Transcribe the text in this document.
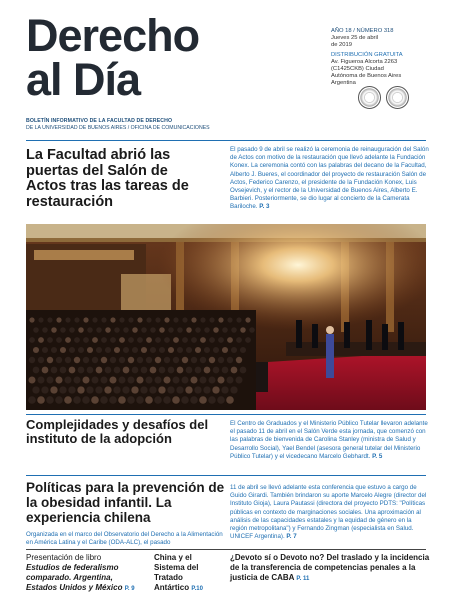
Derecho
al Día
BOLETÍN INFORMATIVO DE LA FACULTAD DE DERECHO
DE LA UNIVERSIDAD DE BUENOS AIRES / OFICINA DE COMUNICACIONES
AÑO 18 / NÚMERO 318
Jueves 25 de abril
de 2019
DISTRIBUCIÓN GRATUITA
Av. Figueroa Alcorta 2263
(C1425CKB) Ciudad
Autónoma de Buenos Aires
Argentina
La Facultad abrió las puertas del Salón de Actos tras las tareas de restauración
El pasado 9 de abril se realizó la ceremonia de reinauguración del Salón de Actos con motivo de la restauración que llevó adelante la Fundación Konex. La ceremonia contó con las palabras del decano de la Facultad, Alberto J. Bueres, el coordinador del proyecto de restauración Salón de Actos, Federico Carenzo, el presidente de la Fundación Konex, Luis Ovsejevich, y el rector de la Universidad de Buenos Aires, Alberto E. Barbieri. Posteriormente, se dio lugar al concierto de la Camerata Bariloche. P. 3
Complejidades y desafíos del instituto de la adopción
El Centro de Graduados y el Ministerio Público Tutelar llevaron adelante el pasado 11 de abril en el Salón Verde esta jornada, que comenzó con las palabras de bienvenida de Carolina Stanley (ministra de Salud y Desarrollo Social), Yael Bendel (asesora general tutelar del Ministerio Público Tutelar) y el vicedecano Marcelo Gebhardt. P. 5
Políticas para la prevención de la obesidad infantil. La experiencia chilena
Organizada en el marco del Observatorio del Derecho a la Alimentación en América Latina y el Caribe (ODA-ALC), el pasado
11 de abril se llevó adelante esta conferencia que estuvo a cargo de Guido Girardi. También brindaron su aporte Marcelo Alegre (director del Instituto Gioja), Laura Pautassi (directora del proyecto PDTS: "Políticas públicas en contexto de marginaciones sociales. Una aproximación al análisis de las capacidades estatales y la equidad de género en la región metropolitana") y Fernando Zingman (especialista en Salud. UNICEF Argentina). P. 7
Presentación de libro
Estudios de federalismo comparado. Argentina, Estados Unidos y México P. 9
China y el Sistema del Tratado Antártico P.10
¿Devoto sí o Devoto no? Del traslado y la incidencia de la transferencia de competencias penales a la justicia de CABA P. 11
